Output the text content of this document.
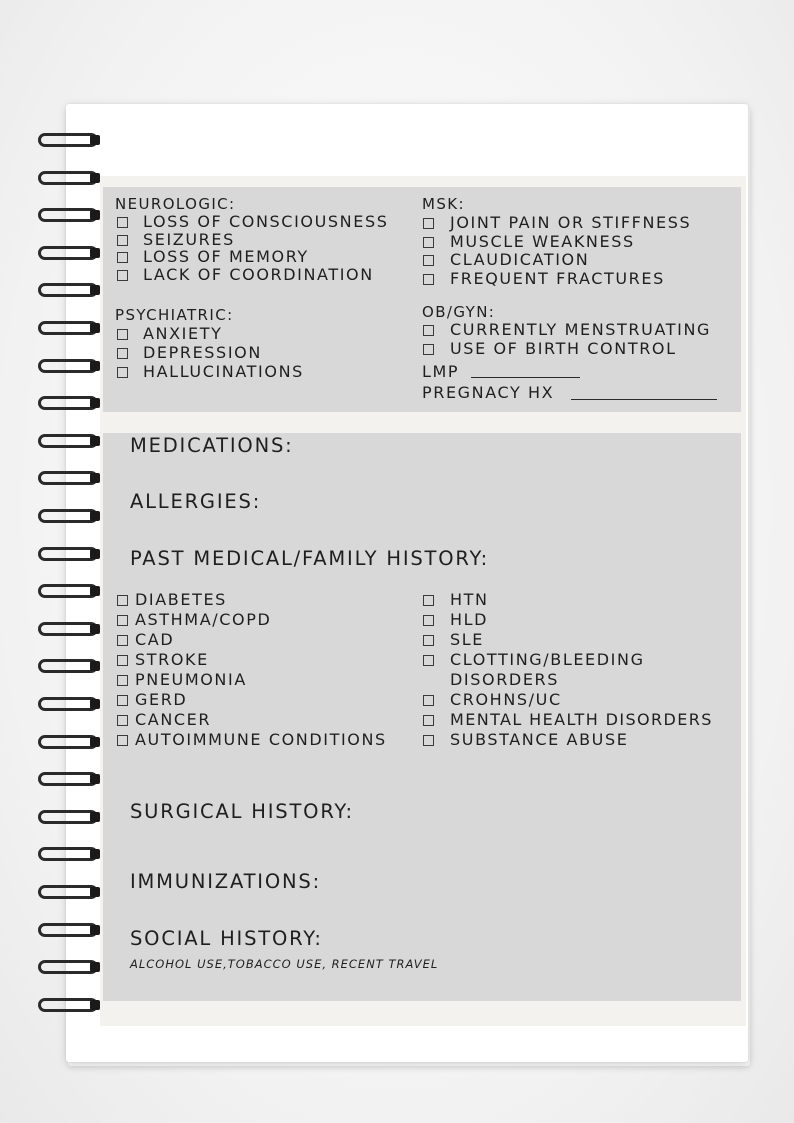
NEUROLOGIC:
LOSS OF CONSCIOUSNESS
SEIZURES
LOSS OF MEMORY
LACK OF COORDINATION
PSYCHIATRIC:
ANXIETY
DEPRESSION
HALLUCINATIONS
MSK:
JOINT PAIN OR STIFFNESS
MUSCLE WEAKNESS
CLAUDICATION
FREQUENT FRACTURES
OB/GYN:
CURRENTLY MENSTRUATING
USE OF BIRTH CONTROL
LMP
PREGNACY HX
MEDICATIONS:
ALLERGIES:
PAST MEDICAL/FAMILY HISTORY:
DIABETES
ASTHMA/COPD
CAD
STROKE
PNEUMONIA
GERD
CANCER
AUTOIMMUNE CONDITIONS
HTN
HLD
SLE
CLOTTING/BLEEDING
DISORDERS
CROHNS/UC
MENTAL HEALTH DISORDERS
SUBSTANCE ABUSE
SURGICAL HISTORY:
IMMUNIZATIONS:
SOCIAL HISTORY:
ALCOHOL USE,TOBACCO USE, RECENT TRAVEL
